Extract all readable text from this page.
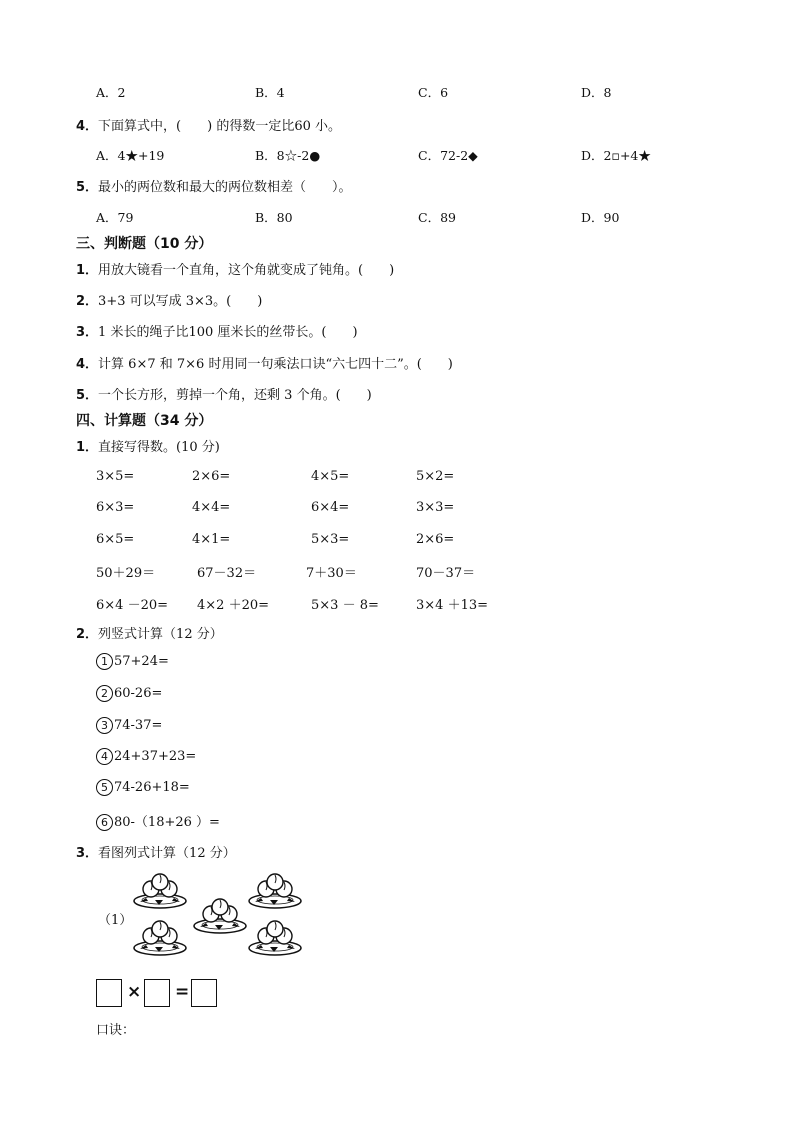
A．2	B．4	C．6	D．8
4．下面算式中，(　　) 的得数一定比60 小。
A．4★+19	B．8☆-2●	C．72-2◆	D．2▫+4★
5．最小的两位数和最大的两位数相差（　　）。
A．79	B．80	C．89	D．90
三、判断题（10 分）
1．用放大镜看一个直角，这个角就变成了钝角。(　　)
2．3+3 可以写成 3×3。(　　)
3．1 米长的绳子比100 厘米长的丝带长。(　　)
4．计算 6×7 和 7×6 时用同一句乘法口诀“六七四十二”。(　　)
5．一个长方形，剪掉一个角，还剩 3 个角。(　　)
四、计算题（34 分）
1．直接写得数。(10 分)
3×5=	2×6=	4×5=	5×2=
6×3=	4×4=	6×4=	3×3=
6×5=	4×1=	5×3=	2×6=
50＋29＝	67－32＝	7＋30＝	70－37＝
6×4 －20= 4×2 ＋20=	5×3 － 8=	3×4 ＋13=
2．列竖式计算（12 分）
1 57+24=
2 60-26=
3 74-37=
4 24+37+23=
5 74-26+18=
6 80-（18+26 ）=
3．看图列式计算（12 分）
（1）
× =
口诀：
